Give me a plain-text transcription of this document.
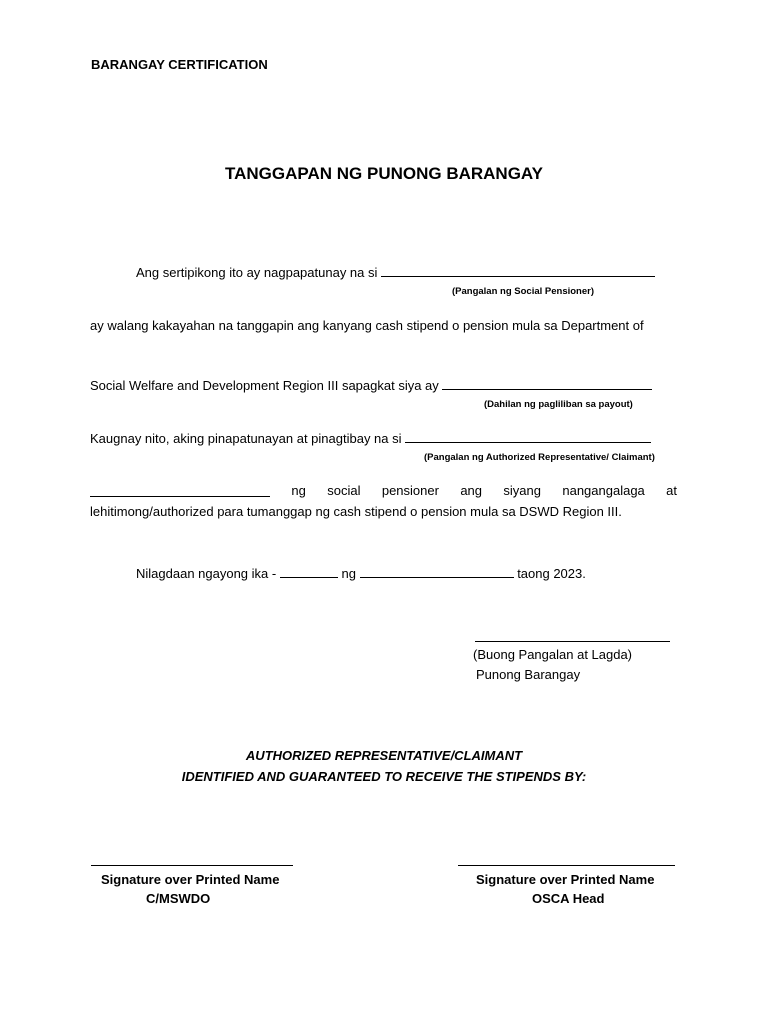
BARANGAY CERTIFICATION
TANGGAPAN NG PUNONG BARANGAY
Ang sertipikong ito ay nagpapatunay na si
(Pangalan ng Social Pensioner)
ay walang kakayahan na tanggapin ang kanyang cash stipend o pension mula sa Department of
Social Welfare and Development Region III sapagkat siya ay
(Dahilan ng pagliliban sa payout)
Kaugnay nito, aking pinapatunayan at pinagtibay na si
(Pangalan ng Authorized Representative/ Claimant)
ng social pensioner ang siyang nangangalaga at
lehitimong/authorized para tumanggap ng cash stipend o pension mula sa DSWD Region III.
Nilagdaan ngayong ika -	ng	taong 2023.
(Buong Pangalan at Lagda)
Punong Barangay
AUTHORIZED REPRESENTATIVE/CLAIMANT
IDENTIFIED AND GUARANTEED TO RECEIVE THE STIPENDS BY:
Signature over Printed Name
C/MSWDO
Signature over Printed Name
OSCA Head
